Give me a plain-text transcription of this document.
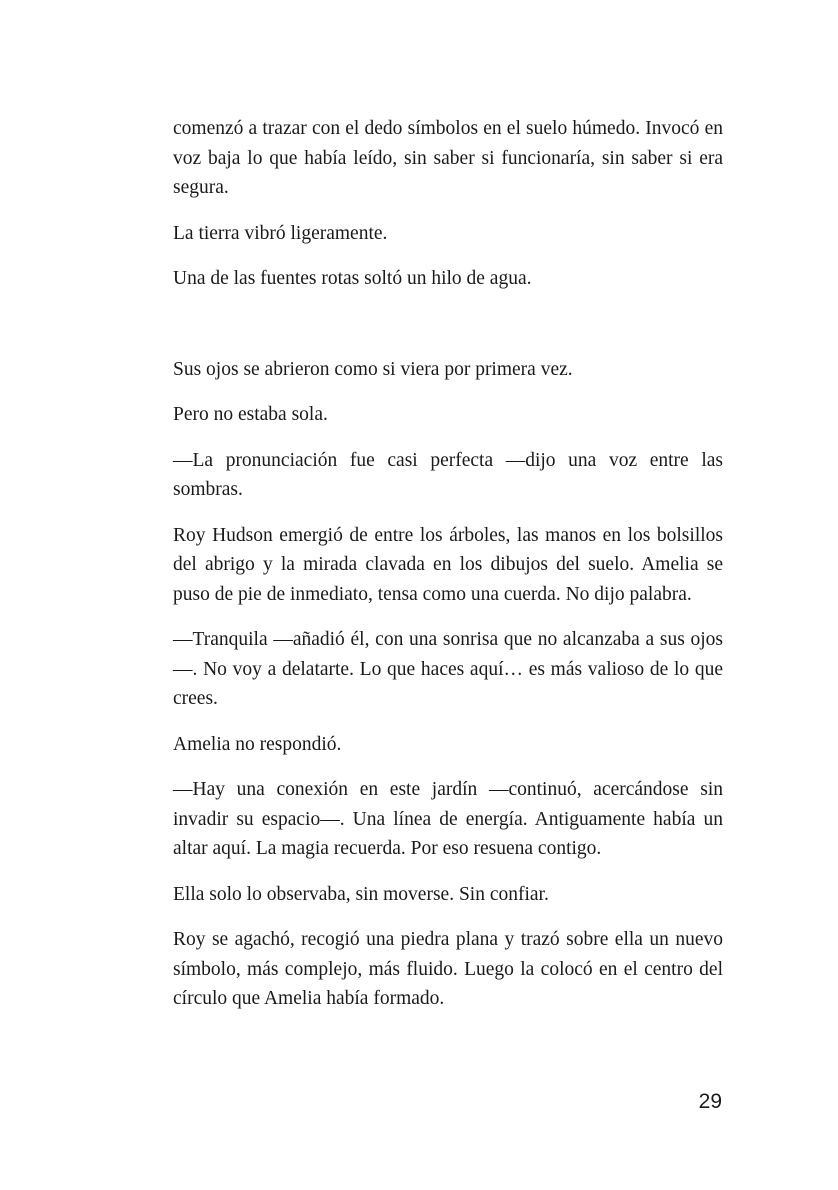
comenzó a trazar con el dedo símbolos en el suelo húmedo. Invocó en voz baja lo que había leído, sin saber si funcionaría, sin saber si era segura.

La tierra vibró ligeramente.

Una de las fuentes rotas soltó un hilo de agua.

Sus ojos se abrieron como si viera por primera vez.

Pero no estaba sola.

—La pronunciación fue casi perfecta —dijo una voz entre las sombras.

Roy Hudson emergió de entre los árboles, las manos en los bolsillos del abrigo y la mirada clavada en los dibujos del suelo. Amelia se puso de pie de inmediato, tensa como una cuerda. No dijo palabra.

—Tranquila —añadió él, con una sonrisa que no alcanzaba a sus ojos—. No voy a delatarte. Lo que haces aquí… es más valioso de lo que crees.

Amelia no respondió.

—Hay una conexión en este jardín —continuó, acercándose sin invadir su espacio—. Una línea de energía. Antiguamente había un altar aquí. La magia recuerda. Por eso resuena contigo.

Ella solo lo observaba, sin moverse. Sin confiar.

Roy se agachó, recogió una piedra plana y trazó sobre ella un nuevo símbolo, más complejo, más fluido. Luego la colocó en el centro del círculo que Amelia había formado.

29
